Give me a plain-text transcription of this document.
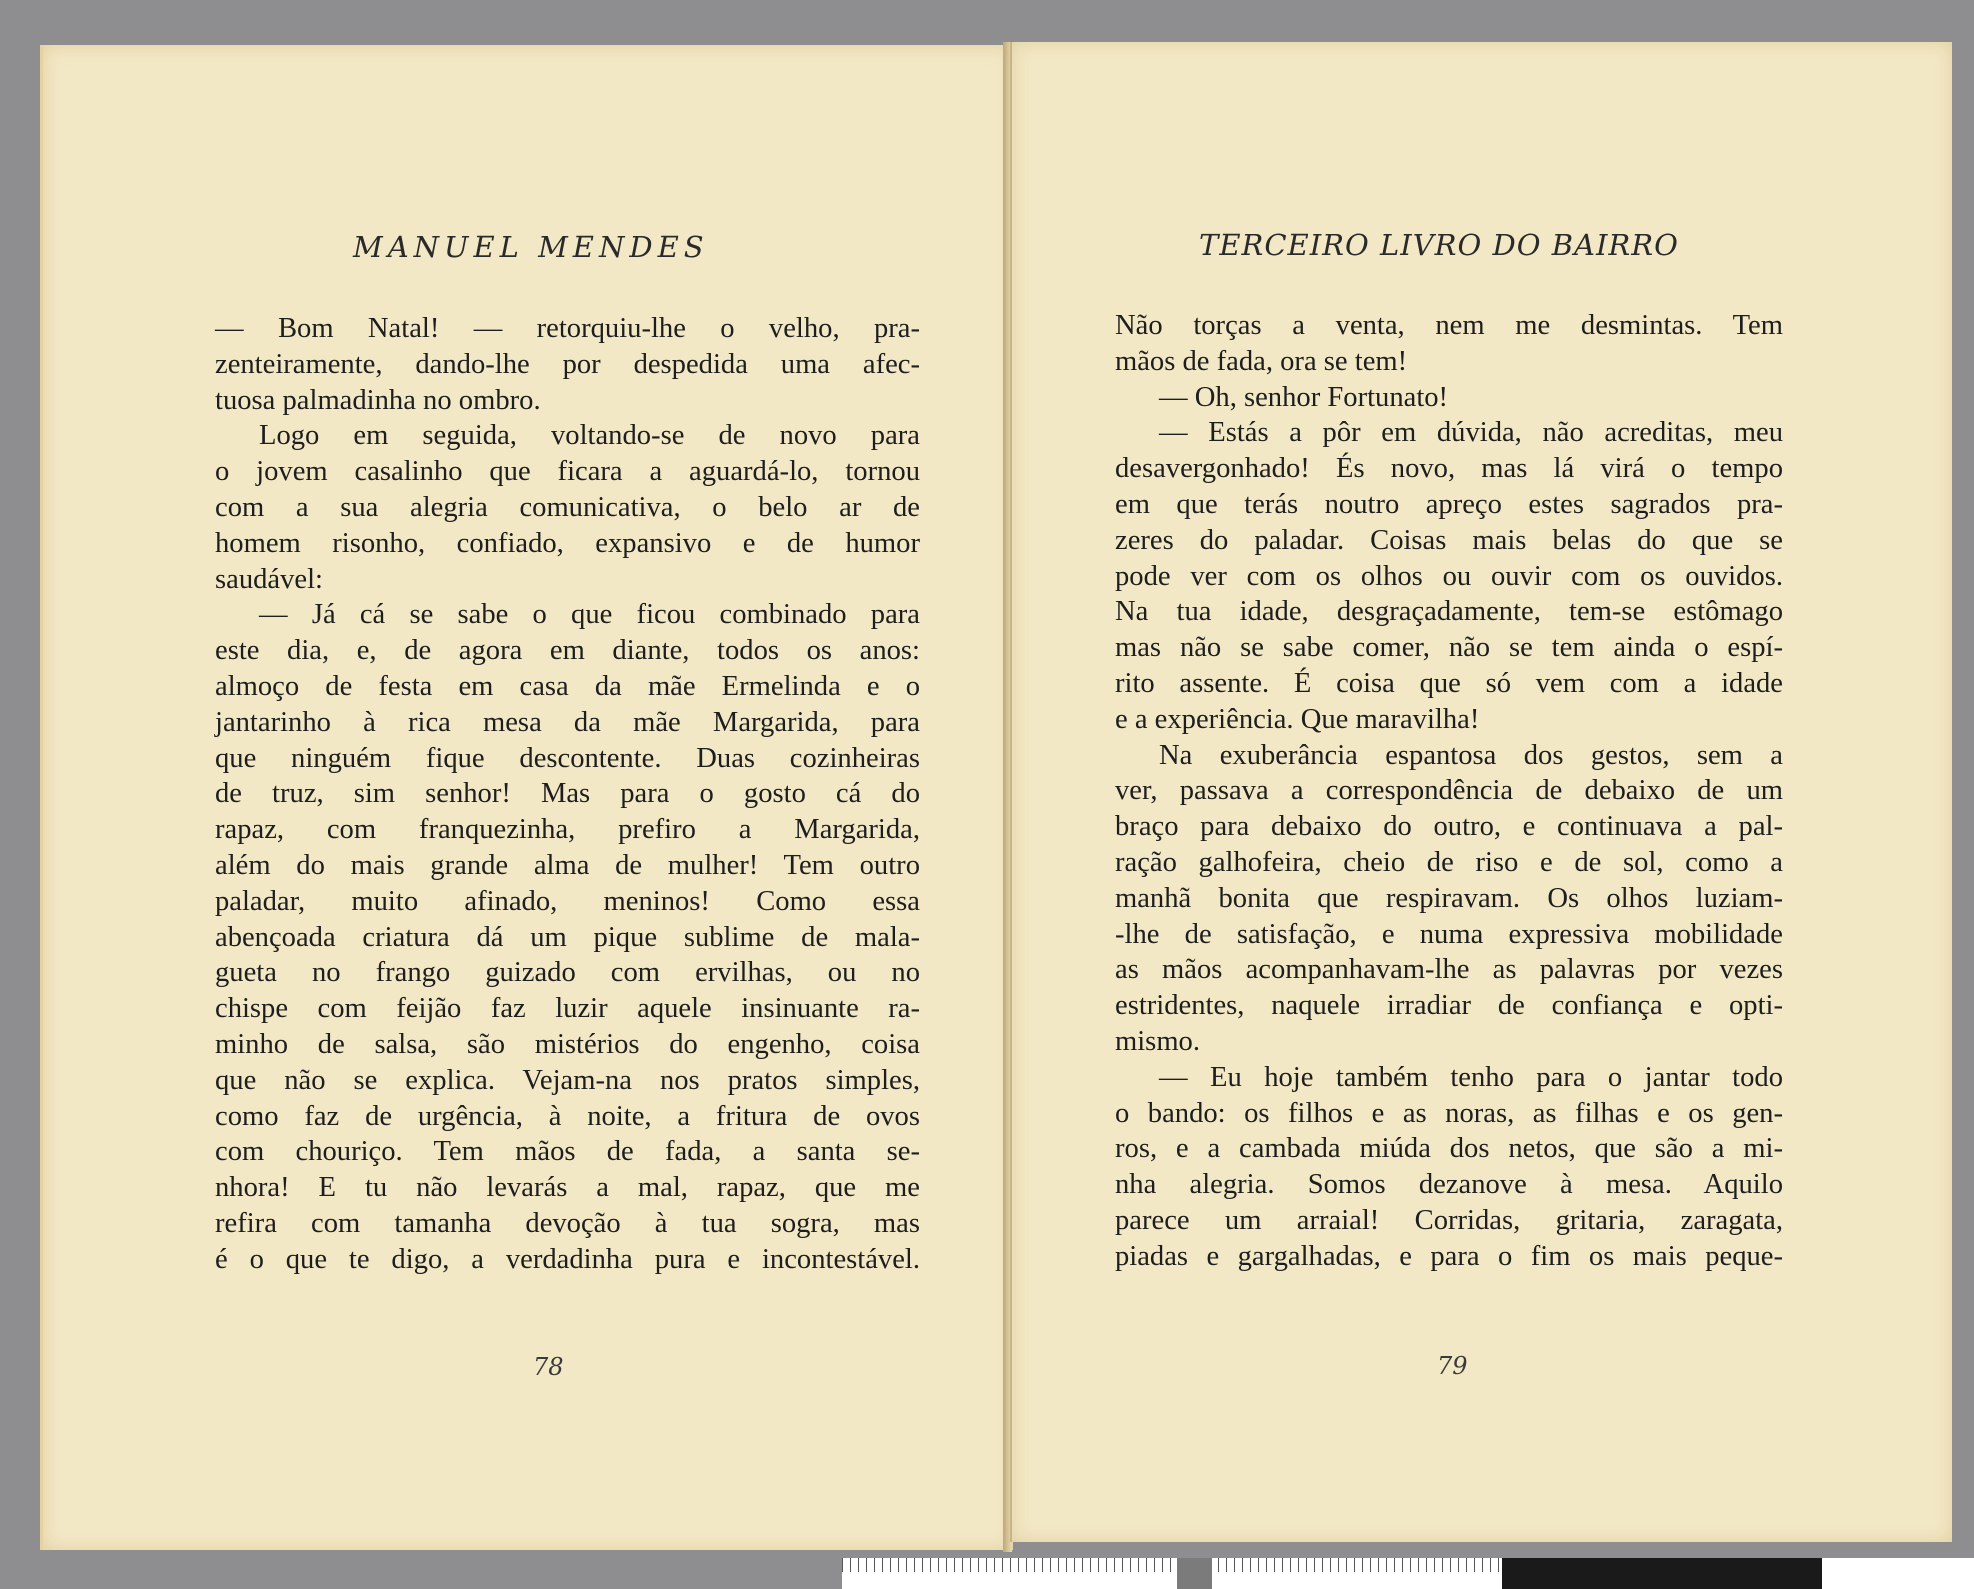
MANUEL MENDES
— Bom Natal! — retorquiu-lhe o velho, pra-
zenteiramente, dando-lhe por despedida uma afec-
tuosa palmadinha no ombro.
Logo em seguida, voltando-se de novo para
o jovem casalinho que ficara a aguardá-lo, tornou
com a sua alegria comunicativa, o belo ar de
homem risonho, confiado, expansivo e de humor
saudável:
— Já cá se sabe o que ficou combinado para
este dia, e, de agora em diante, todos os anos:
almoço de festa em casa da mãe Ermelinda e o
jantarinho à rica mesa da mãe Margarida, para
que ninguém fique descontente. Duas cozinheiras
de truz, sim senhor! Mas para o gosto cá do
rapaz, com franquezinha, prefiro a Margarida,
além do mais grande alma de mulher! Tem outro
paladar, muito afinado, meninos! Como essa
abençoada criatura dá um pique sublime de mala-
gueta no frango guizado com ervilhas, ou no
chispe com feijão faz luzir aquele insinuante ra-
minho de salsa, são mistérios do engenho, coisa
que não se explica. Vejam-na nos pratos simples,
como faz de urgência, à noite, a fritura de ovos
com chouriço. Tem mãos de fada, a santa se-
nhora! E tu não levarás a mal, rapaz, que me
refira com tamanha devoção à tua sogra, mas
é o que te digo, a verdadinha pura e incontestável.
78
TERCEIRO LIVRO DO BAIRRO
Não torças a venta, nem me desmintas. Tem
mãos de fada, ora se tem!
— Oh, senhor Fortunato!
— Estás a pôr em dúvida, não acreditas, meu
desavergonhado! És novo, mas lá virá o tempo
em que terás noutro apreço estes sagrados pra-
zeres do paladar. Coisas mais belas do que se
pode ver com os olhos ou ouvir com os ouvidos.
Na tua idade, desgraçadamente, tem-se estômago
mas não se sabe comer, não se tem ainda o espí-
rito assente. É coisa que só vem com a idade
e a experiência. Que maravilha!
Na exuberância espantosa dos gestos, sem a
ver, passava a correspondência de debaixo de um
braço para debaixo do outro, e continuava a pal-
ração galhofeira, cheio de riso e de sol, como a
manhã bonita que respiravam. Os olhos luziam-
-lhe de satisfação, e numa expressiva mobilidade
as mãos acompanhavam-lhe as palavras por vezes
estridentes, naquele irradiar de confiança e opti-
mismo.
— Eu hoje também tenho para o jantar todo
o bando: os filhos e as noras, as filhas e os gen-
ros, e a cambada miúda dos netos, que são a mi-
nha alegria. Somos dezanove à mesa. Aquilo
parece um arraial! Corridas, gritaria, zaragata,
piadas e gargalhadas, e para o fim os mais peque-
79
